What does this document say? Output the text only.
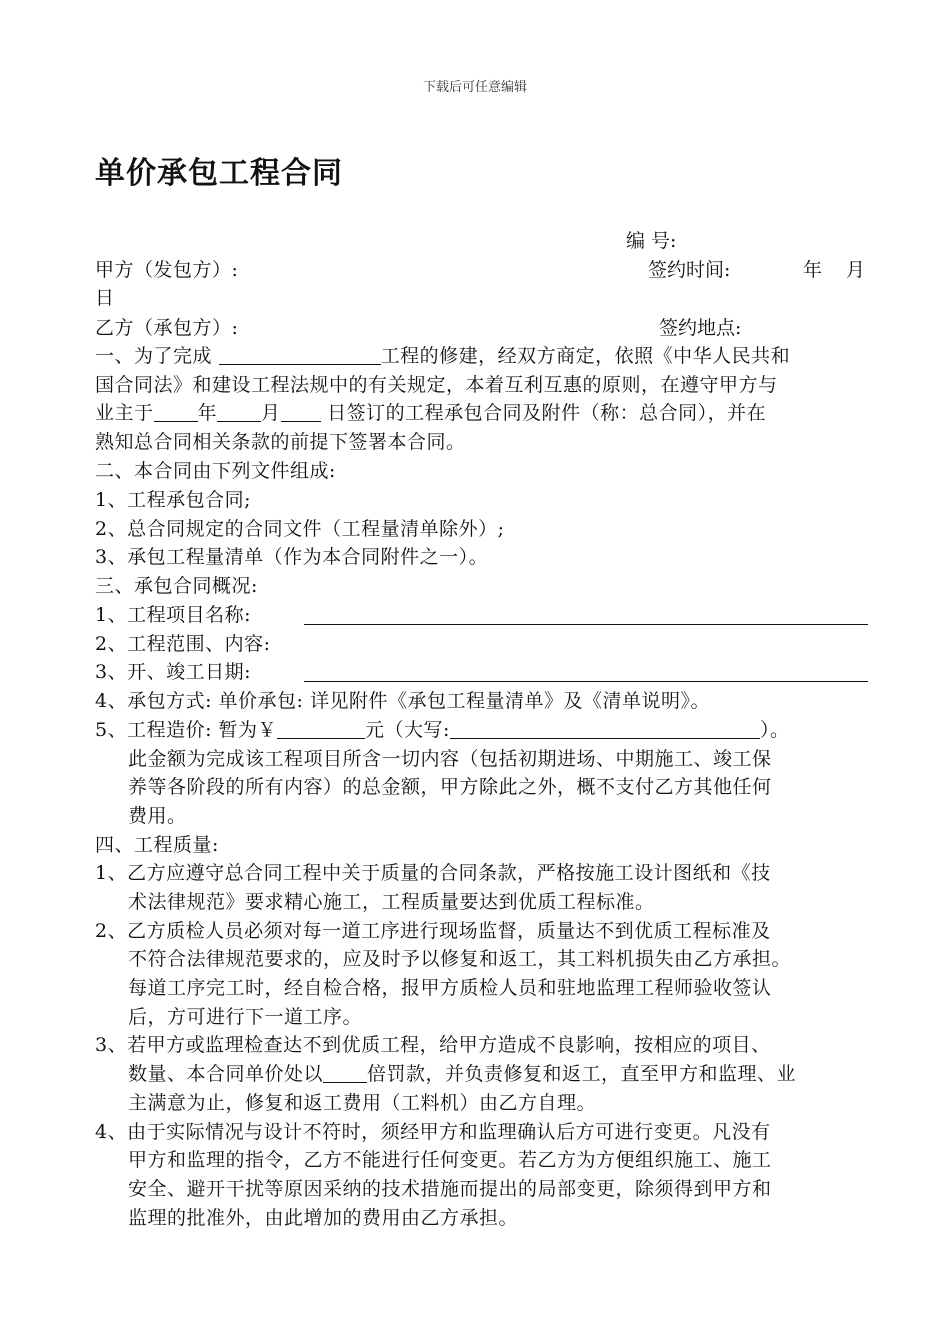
下载后可任意编辑
单价承包工程合同
编 号:
甲方（发包方）:	签约时间:	年 月
日
乙方（承包方）:	签约地点:
一、为了完成	工程的修建，经双方商定，依照《中华人民共和
国合同法》和建设工程法规中的有关规定，本着互利互惠的原则，在遵守甲方与
业主于 年 月 日签订的工程承包合同及附件（称：总合同），并在
熟知总合同相关条款的前提下签署本合同。
二、本合同由下列文件组成:
1、工程承包合同;
2、总合同规定的合同文件（工程量清单除外）;
3、承包工程量清单（作为本合同附件之一）。
三、承包合同概况:
1、工程项目名称:
2、工程范围、内容:
3、开、竣工日期:
4、承包方式: 单价承包: 详见附件《承包工程量清单》及《清单说明》。
5、工程造价: 暂为￥	元（大写:	）。
此金额为完成该工程项目所含一切内容（包括初期进场、中期施工、竣工保
养等各阶段的所有内容）的总金额，甲方除此之外，概不支付乙方其他任何
费用。
四、工程质量:
1、乙方应遵守总合同工程中关于质量的合同条款，严格按施工设计图纸和《技
术法律规范》要求精心施工，工程质量要达到优质工程标准。
2、乙方质检人员必须对每一道工序进行现场监督，质量达不到优质工程标准及
不符合法律规范要求的，应及时予以修复和返工，其工料机损失由乙方承担。
每道工序完工时，经自检合格，报甲方质检人员和驻地监理工程师验收签认
后，方可进行下一道工序。
3、若甲方或监理检查达不到优质工程，给甲方造成不良影响，按相应的项目、
数量、本合同单价处以 倍罚款，并负责修复和返工，直至甲方和监理、业
主满意为止，修复和返工费用（工料机）由乙方自理。
4、由于实际情况与设计不符时，须经甲方和监理确认后方可进行变更。凡没有
甲方和监理的指令，乙方不能进行任何变更。若乙方为方便组织施工、施工
安全、避开干扰等原因采纳的技术措施而提出的局部变更，除须得到甲方和
监理的批准外，由此增加的费用由乙方承担。
